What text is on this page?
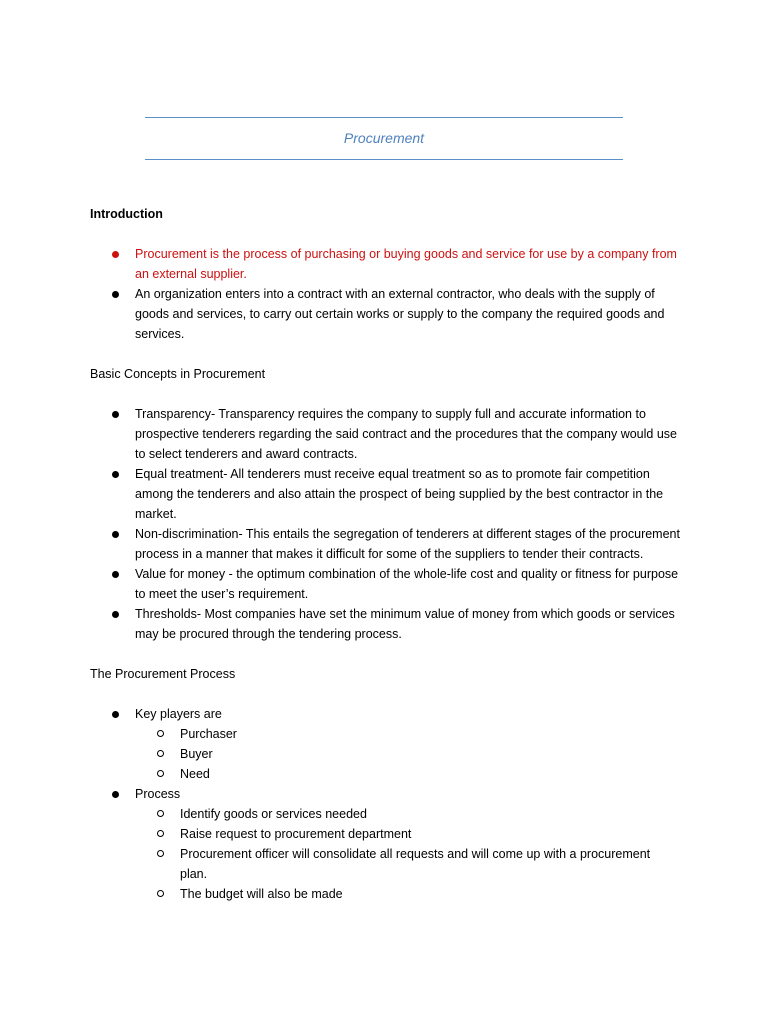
Procurement
Introduction
Procurement is the process of purchasing or buying goods and service for use by a company from an external supplier.
An organization enters into a contract with an external contractor, who deals with the supply of goods and services, to carry out certain works or supply to the company the required goods and services.
Basic Concepts in Procurement
Transparency- Transparency requires the company to supply full and accurate information to prospective tenderers regarding the said contract and the procedures that the company would use to select tenderers and award contracts.
Equal treatment- All tenderers must receive equal treatment so as to promote fair competition among the tenderers and also attain the prospect of being supplied by the best contractor in the market.
Non-discrimination- This entails the segregation of tenderers at different stages of the procurement process in a manner that makes it difficult for some of the suppliers to tender their contracts.
Value for money - the optimum combination of the whole-life cost and quality or fitness for purpose to meet the user’s requirement.
Thresholds- Most companies have set the minimum value of money from which goods or services may be procured through the tendering process.
The Procurement Process
Key players are
Purchaser
Buyer
Need
Process
Identify goods or services needed
Raise request to procurement department
Procurement officer will consolidate all requests and will come up with a procurement plan.
The budget will also be made
